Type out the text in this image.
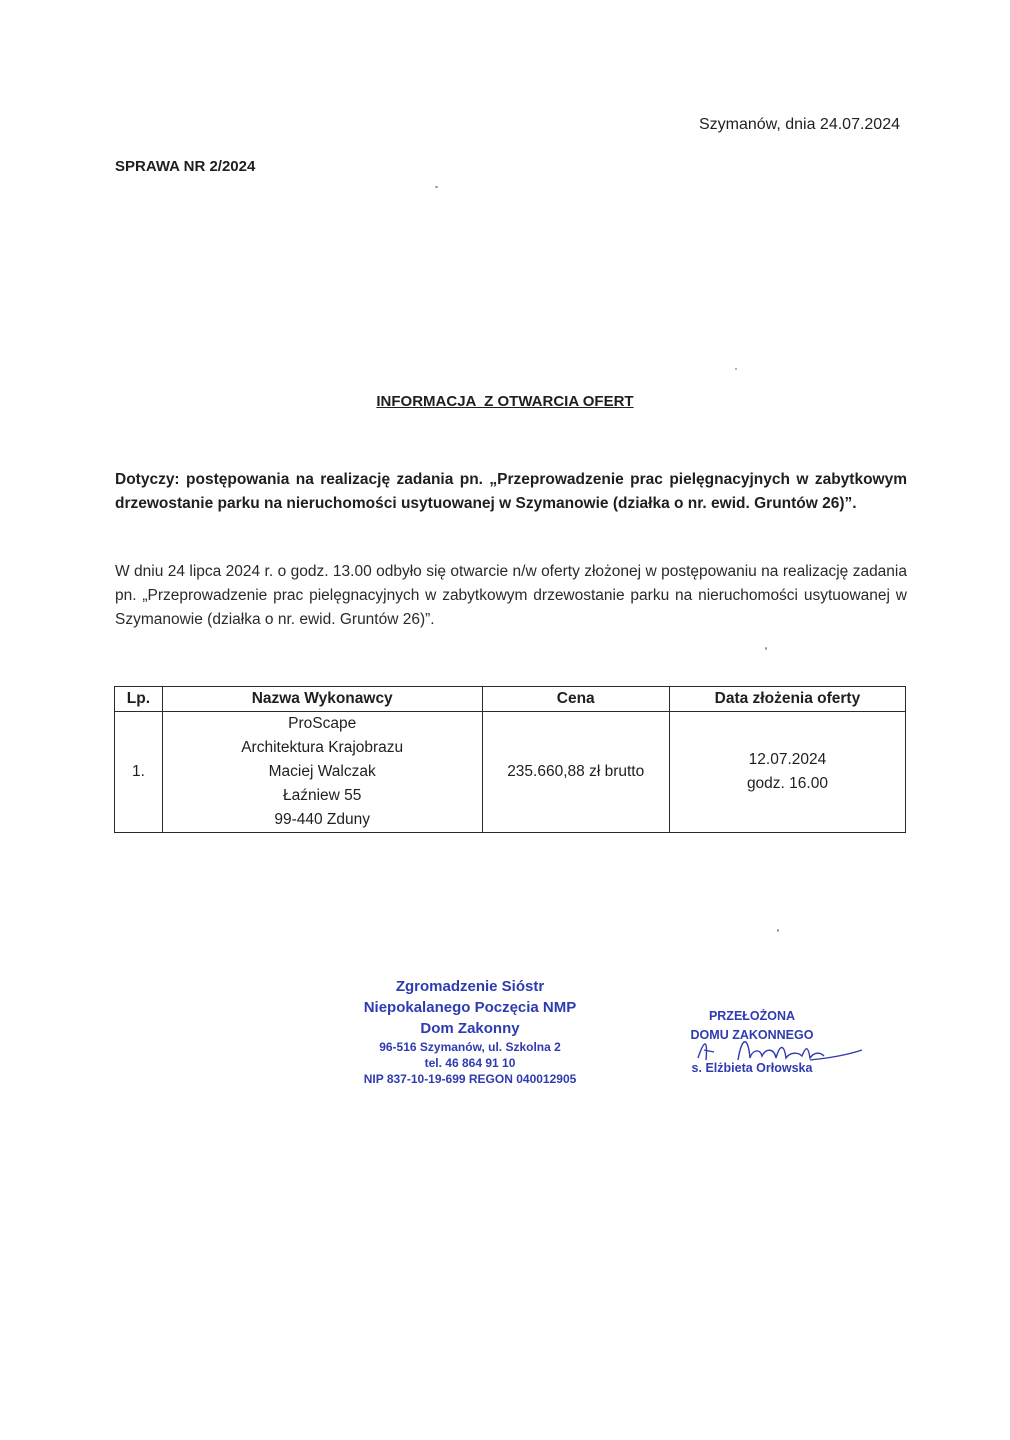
Szymanów, dnia 24.07.2024
SPRAWA NR 2/2024
INFORMACJA  Z OTWARCIA OFERT
Dotyczy: postępowania na realizację zadania pn. „Przeprowadzenie prac pielęgnacyjnych w zabytkowym drzewostanie parku na nieruchomości usytuowanej w Szymanowie (działka o nr. ewid. Gruntów 26)”.
W dniu 24 lipca 2024 r. o godz. 13.00 odbyło się otwarcie n/w oferty złożonej w postępowaniu na realizację zadania pn. „Przeprowadzenie prac pielęgnacyjnych w zabytkowym drzewostanie parku na nieruchomości usytuowanej w Szymanowie (działka o nr. ewid. Gruntów 26)”.
Lp.	Nazwa Wykonawcy	Cena	Data złożenia oferty
1.	ProScape
Architektura Krajobrazu
Maciej Walczak
Łaźniew 55
99-440 Zduny	235.660,88 zł brutto	12.07.2024
godz. 16.00
Zgromadzenie Sióstr
Niepokalanego Poczęcia NMP
Dom Zakonny
96-516 Szymanów, ul. Szkolna 2
tel. 46 864 91 10
NIP 837-10-19-699 REGON 040012905
PRZEŁOŻONA
DOMU ZAKONNEGO
s. Elżbieta Orłowska
